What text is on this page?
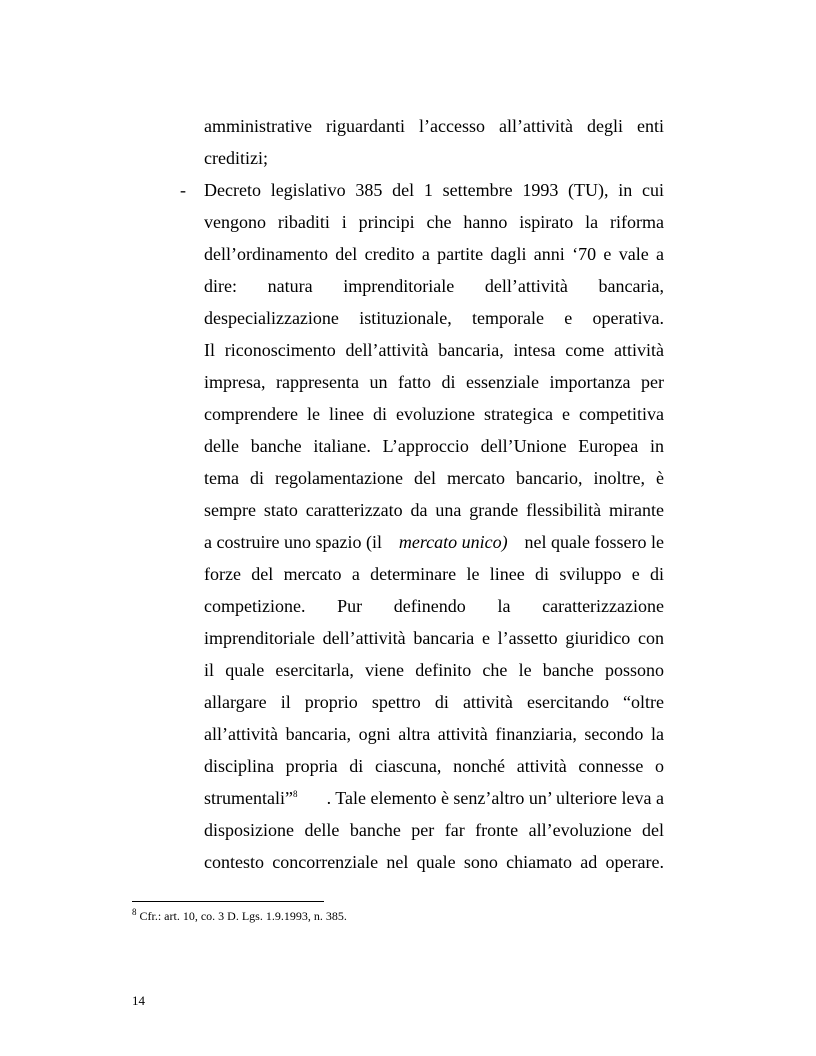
amministrative riguardanti l’accesso all’attività degli enti
creditizi;
- Decreto legislativo 385 del 1 settembre 1993 (TU), in cui
vengono ribaditi i principi che hanno ispirato la riforma
dell’ordinamento del credito a partite dagli anni ‘70 e vale a
dire: natura imprenditoriale dell’attività bancaria,
despecializzazione istituzionale, temporale e operativa.
Il riconoscimento dell’attività bancaria, intesa come attività
impresa, rappresenta un fatto di essenziale importanza per
comprendere le linee di evoluzione strategica e competitiva
delle banche italiane. L’approccio dell’Unione Europea in
tema di regolamentazione del mercato bancario, inoltre, è
sempre stato caratterizzato da una grande flessibilità mirante
a costruire uno spazio (il mercato unico) nel quale fossero le
forze del mercato a determinare le linee di sviluppo e di
competizione. Pur definendo la caratterizzazione
imprenditoriale dell’attività bancaria e l’assetto giuridico con
il quale esercitarla, viene definito che le banche possono
allargare il proprio spettro di attività esercitando “oltre
all’attività bancaria, ogni altra attività finanziaria, secondo la
disciplina propria di ciascuna, nonché attività connesse o
strumentali”$^8$ . Tale elemento è senz’altro un’ ulteriore leva a
disposizione delle banche per far fronte all’evoluzione del
contesto concorrenziale nel quale sono chiamato ad operare.
$^8$ Cfr.: art. 10, co. 3 D. Lgs. 1.9.1993, n. 385.
14
